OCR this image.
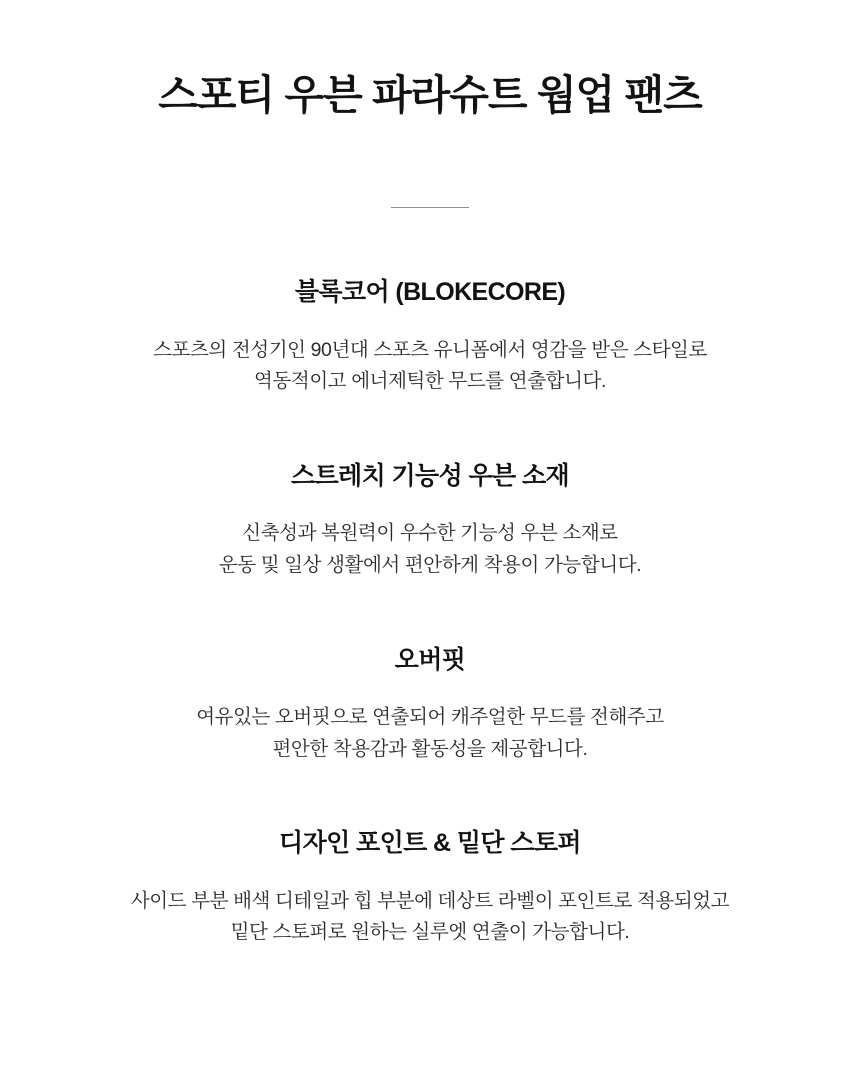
스포티 우븐 파라슈트 웜업 팬츠
블록코어 (BLOKECORE)

스포츠의 전성기인 90년대 스포츠 유니폼에서 영감을 받은 스타일로
역동적이고 에너제틱한 무드를 연출합니다.

스트레치 기능성 우븐 소재

신축성과 복원력이 우수한 기능성 우븐 소재로
운동 및 일상 생활에서 편안하게 착용이 가능합니다.

오버핏

여유있는 오버핏으로 연출되어 캐주얼한 무드를 전해주고
편안한 착용감과 활동성을 제공합니다.

디자인 포인트 & 밑단 스토퍼

사이드 부분 배색 디테일과 힙 부분에 데상트 라벨이 포인트로 적용되었고
밑단 스토퍼로 원하는 실루엣 연출이 가능합니다.
